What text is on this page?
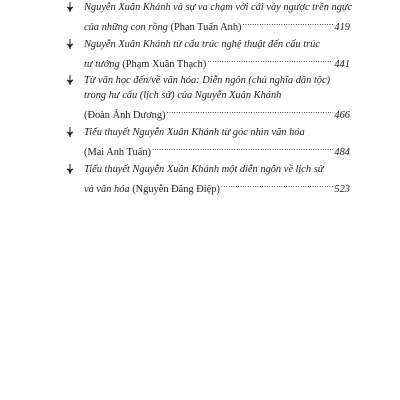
Nguyễn Xuân Khánh và sự va chạm với cái vảy ngược trên ngực
của những con rồng
(Phan Tuấn Anh) .....	419
Nguyễn Xuân Khánh từ cấu trúc nghệ thuật đến cấu trúc
tư tưởng
(Phạm Xuân Thạch) .....	441
Từ văn học đến/về văn hóa: Diễn ngôn (chủ nghĩa dân tộc)
trong hư cấu (lịch sử) của Nguyễn Xuân Khánh
(Đoàn Ánh Dương) .....	466
Tiểu thuyết Nguyễn Xuân Khánh từ góc nhìn văn hóa
(Mai Anh Tuấn) .....	484
Tiểu thuyết Nguyễn Xuân Khánh một diễn ngôn về lịch sử
và văn hóa
(Nguyễn Đăng Điệp) .....	523
